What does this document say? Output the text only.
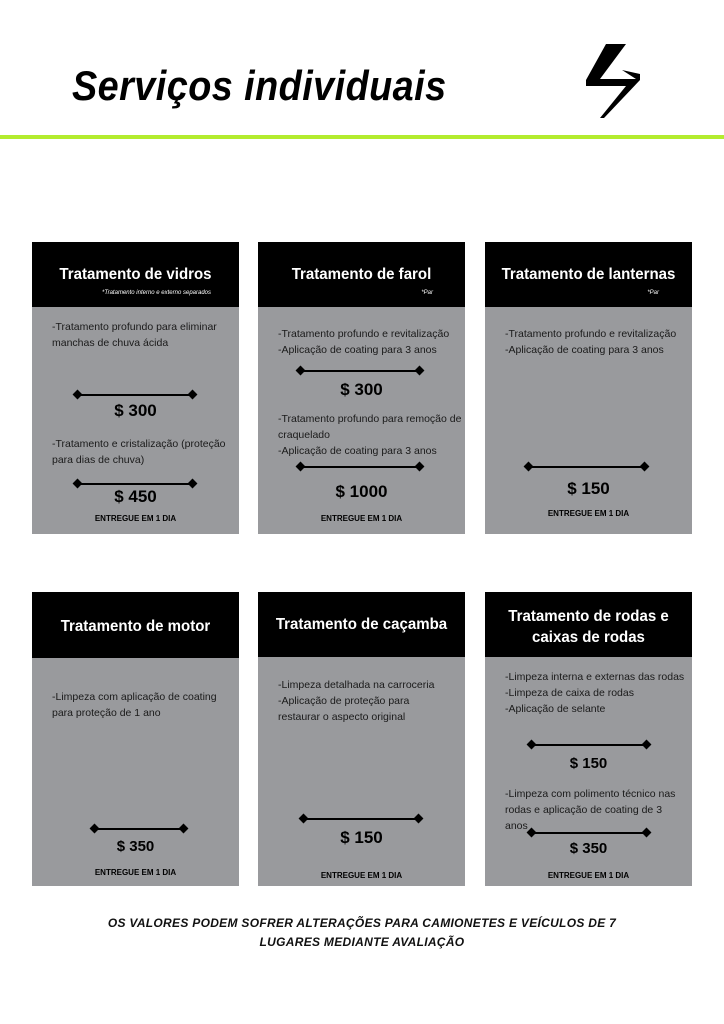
Serviços individuais
Tratamento de vidros
*Tratamento interno e externo separados
-Tratamento profundo para eliminar
manchas de chuva ácida
$ 300
-Tratamento e cristalização (proteção
para dias de chuva)
$ 450
ENTREGUE EM 1 DIA
Tratamento de farol
*Par
-Tratamento profundo e revitalização
-Aplicação de coating para 3 anos
$ 300
-Tratamento profundo para remoção de
craquelado
-Aplicação de coating para 3 anos
$ 1000
ENTREGUE EM 1 DIA
Tratamento de lanternas
*Par
-Tratamento profundo e revitalização
-Aplicação de coating para 3 anos
$ 150
ENTREGUE EM 1 DIA
Tratamento de motor
-Limpeza com aplicação de coating
para proteção de 1 ano
$ 350
ENTREGUE EM 1 DIA
Tratamento de caçamba
-Limpeza detalhada na carroceria
-Aplicação de proteção para
restaurar o aspecto original
$ 150
ENTREGUE EM 1 DIA
Tratamento de rodas e
caixas de rodas
-Limpeza interna e externas das rodas
-Limpeza de caixa de rodas
-Aplicação de selante
$ 150
-Limpeza com polimento técnico nas
rodas e aplicação de coating de 3
anos
$ 350
ENTREGUE EM 1 DIA
OS VALORES PODEM SOFRER ALTERAÇÕES PARA CAMIONETES E VEÍCULOS DE 7
LUGARES MEDIANTE AVALIAÇÃO
